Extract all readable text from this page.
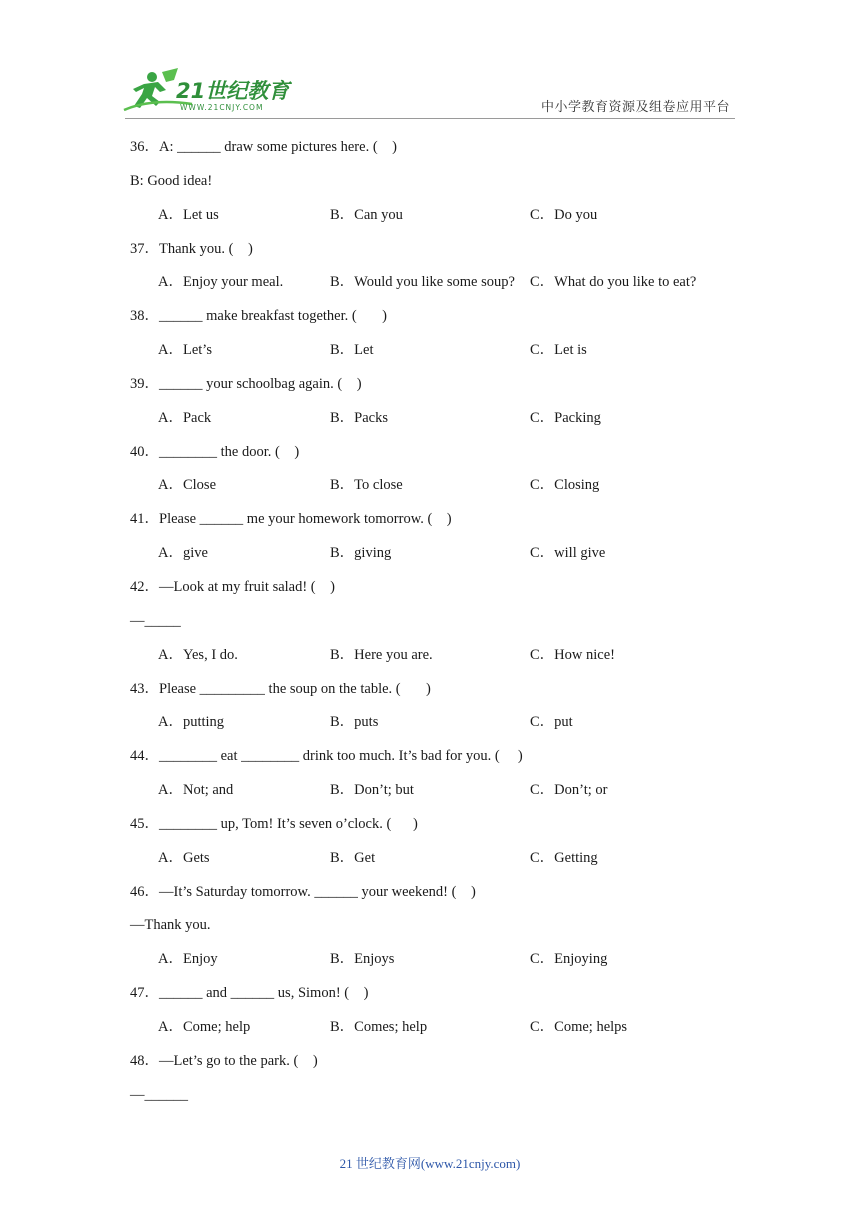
21世纪教育
WWW.21CNJY.COM	中小学教育资源及组卷应用平台
36．A: ______ draw some pictures here. (    )
B: Good idea!
A．Let us	B．Can you	C．Do you
37．Thank you. (    )
A．Enjoy your meal.	B．Would you like some soup? C．What do you like to eat?
38．______ make breakfast together. (       )
A．Let’s	B．Let	C．Let is
39．______ your schoolbag again. (    )
A．Pack	B．Packs	C．Packing
40．________ the door. (    )
A．Close	B．To close	C．Closing
41．Please ______ me your homework tomorrow. (    )
A．give	B．giving	C．will give
42．—Look at my fruit salad! (    )
—_____
A．Yes, I do.	B．Here you are.	C．How nice!
43．Please _________ the soup on the table. (       )
A．putting	B．puts	C．put
44．________ eat ________ drink too much. It’s bad for you. (     )
A．Not; and	B．Don’t; but	C．Don’t; or
45．________ up, Tom! It’s seven o’clock. (      )
A．Gets	B．Get	C．Getting
46．—It’s Saturday tomorrow. ______ your weekend! (    )
—Thank you.
A．Enjoy	B．Enjoys	C．Enjoying
47．______ and ______ us, Simon! (    )
A．Come; help	B．Comes; help	C．Come; helps
48．—Let’s go to the park. (    )
—______
21 世纪教育网(www.21cnjy.com)
